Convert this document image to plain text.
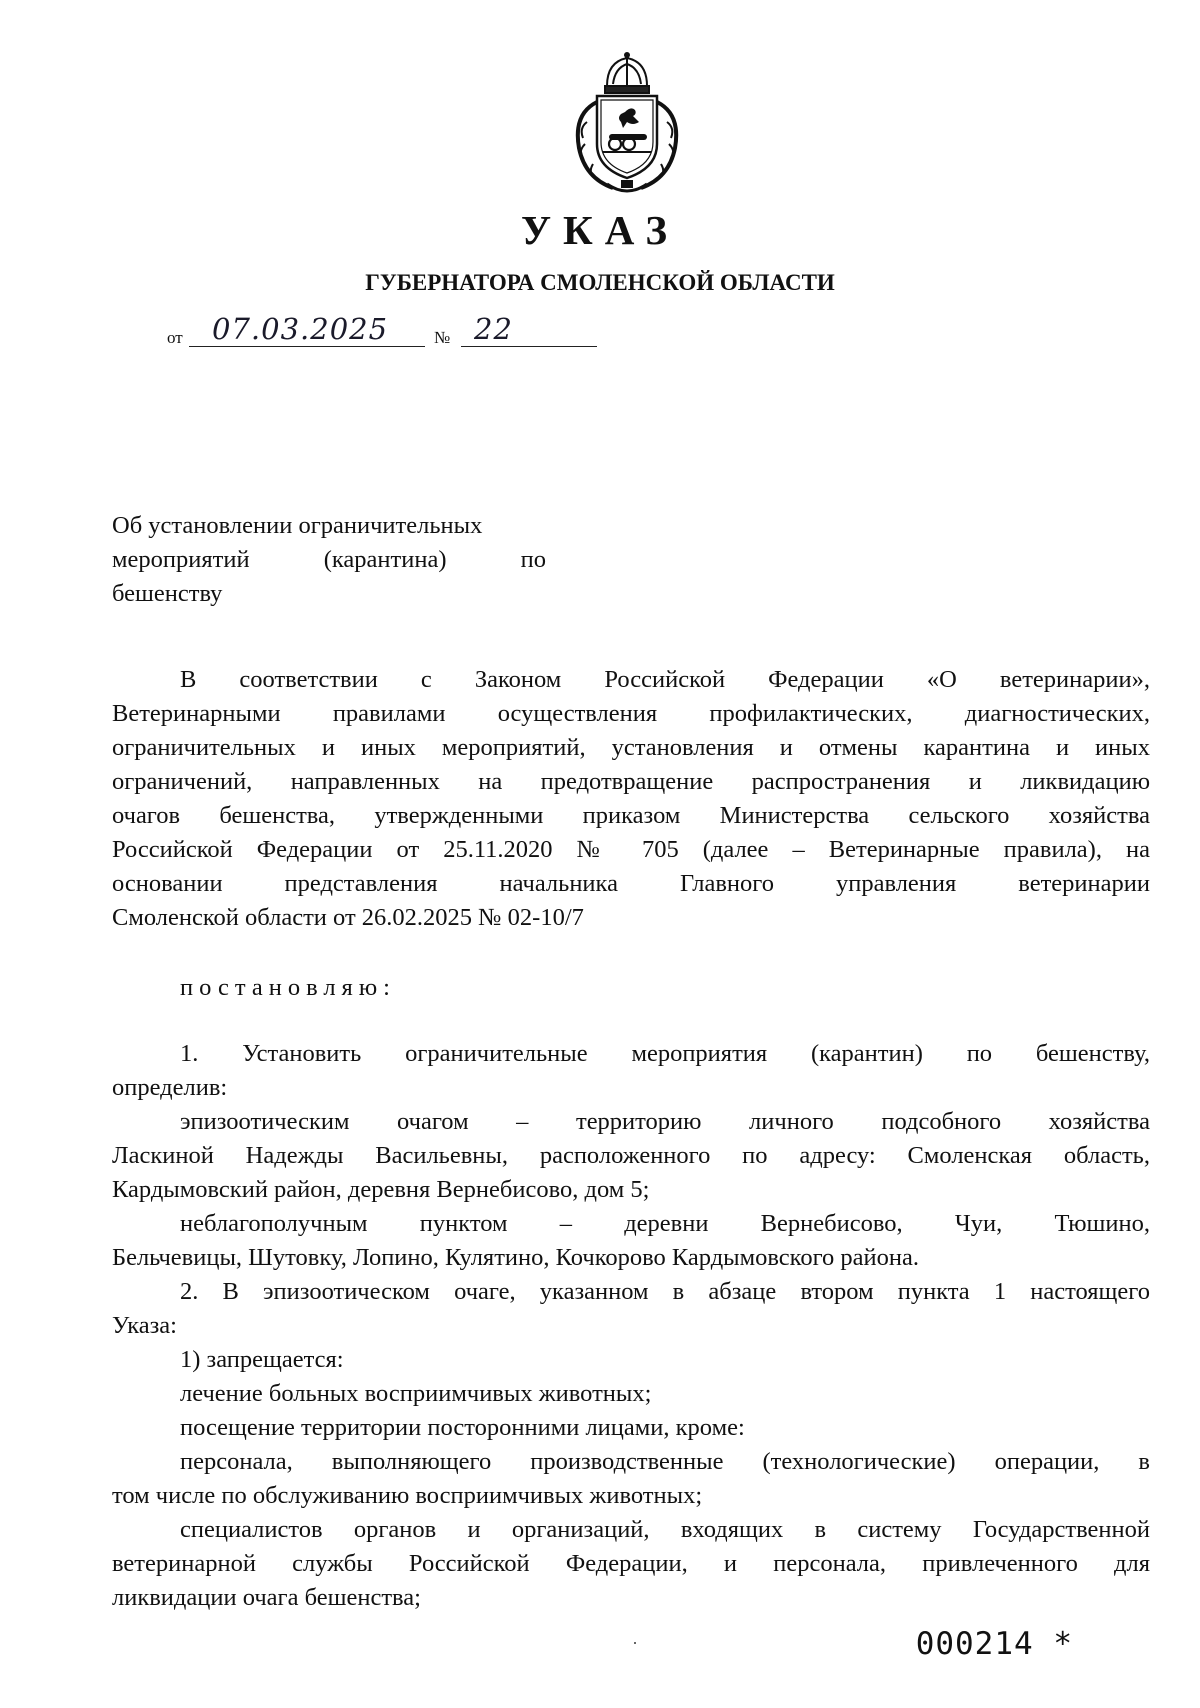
УКАЗ
ГУБЕРНАТОРА СМОЛЕНСКОЙ ОБЛАСТИ
от 07.03.2025	№ 22
Об установлении ограничительных
мероприятий	(карантина)	по
бешенству

В соответствии с Законом Российской Федерации «О ветеринарии»,

Ветеринарными правилами осуществления профилактических, диагностических,

ограничительных и иных мероприятий, установления и отмены карантина и иных

ограничений, направленных на предотвращение распространения и ликвидацию

очагов бешенства, утвержденными приказом Министерства сельского хозяйства

Российской Федерации от 25.11.2020 № 705 (далее – Ветеринарные правила), на

основании представления начальника Главного управления ветеринарии

Смоленской области от 26.02.2025 № 02-10/7

постановляю:

1. Установить ограничительные мероприятия (карантин) по бешенству,

определив:

эпизоотическим очагом – территорию личного подсобного хозяйства

Ласкиной Надежды Васильевны, расположенного по адресу: Смоленская область,

Кардымовский район, деревня Вернебисово, дом 5;

неблагополучным пунктом – деревни Вернебисово, Чуи, Тюшино,

Бельчевицы, Шутовку, Лопино, Кулятино, Кочкорово Кардымовского района.

2. В эпизоотическом очаге, указанном в абзаце втором пункта 1 настоящего

Указа:

1) запрещается:

лечение больных восприимчивых животных;

посещение территории посторонними лицами, кроме:

персонала, выполняющего производственные (технологические) операции, в

том числе по обслуживанию восприимчивых животных;

специалистов органов и организаций, входящих в систему Государственной

ветеринарной службы Российской Федерации, и персонала, привлеченного для

ликвидации очага бешенства;

000214 *
